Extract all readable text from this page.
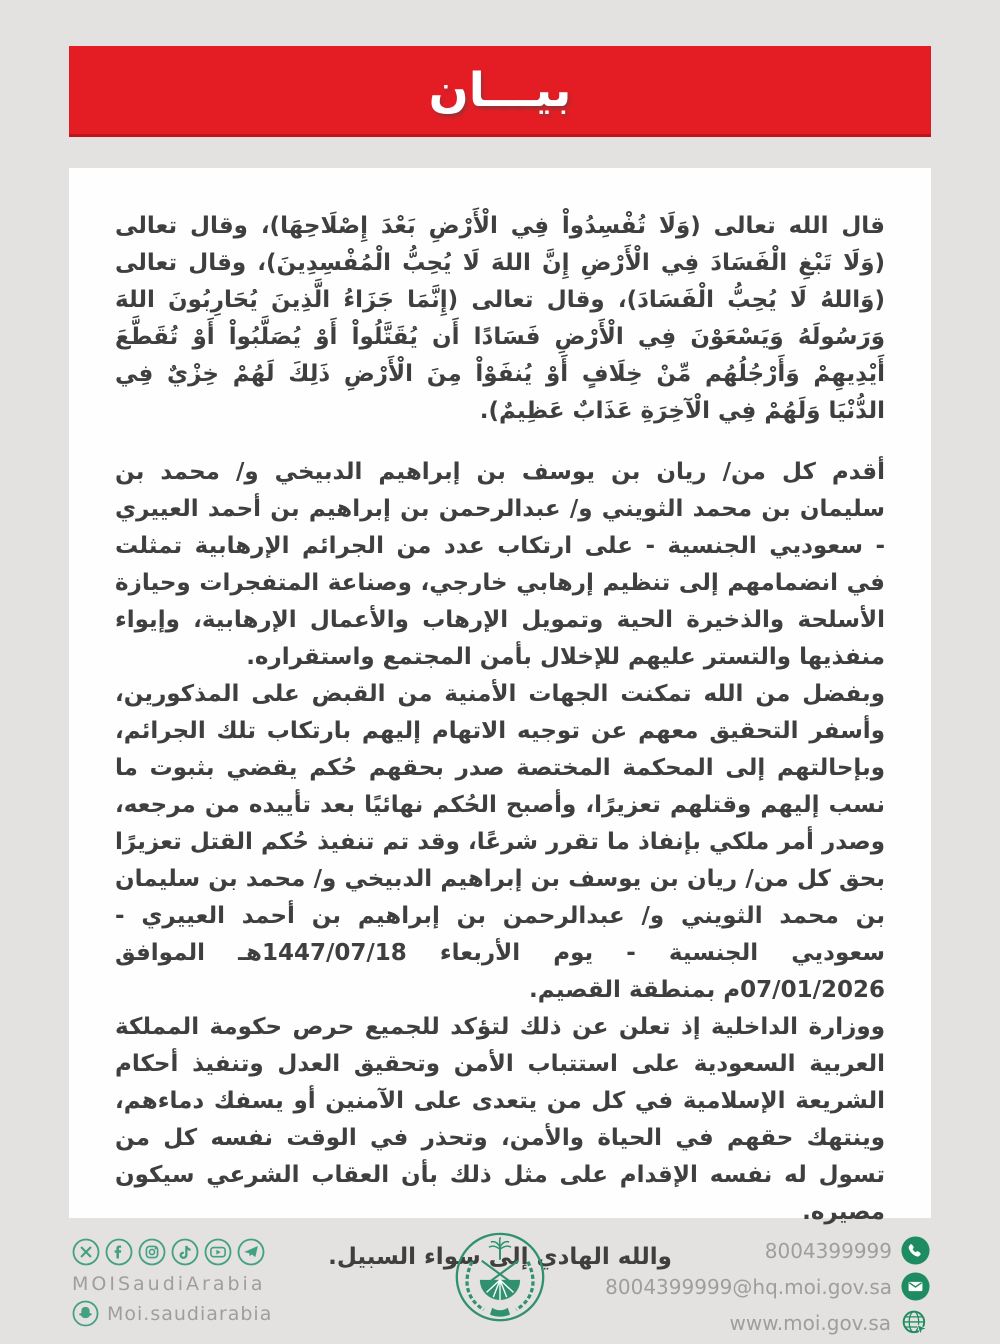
بيـــان

قال الله تعالى (وَلَا تُفْسِدُواْ فِي الْأَرْضِ بَعْدَ إِصْلَاحِهَا)، وقال تعالى (وَلَا تَبْغِ الْفَسَادَ فِي الْأَرْضِ إِنَّ اللهَ لَا يُحِبُّ الْمُفْسِدِينَ)، وقال تعالى (وَاللهُ لَا يُحِبُّ الْفَسَادَ)، وقال تعالى (إِنَّمَا جَزَاءُ الَّذِينَ يُحَارِبُونَ اللهَ وَرَسُولَهُ وَيَسْعَوْنَ فِي الْأَرْضِ فَسَادًا أَن يُقَتَّلُواْ أَوْ يُصَلَّبُواْ أَوْ تُقَطَّعَ أَيْدِيهِمْ وَأَرْجُلُهُم مِّنْ خِلَافٍ أَوْ يُنفَوْاْ مِنَ الْأَرْضِ ذَلِكَ لَهُمْ خِزْيٌ فِي الدُّنْيَا وَلَهُمْ فِي الْآخِرَةِ عَذَابٌ عَظِيمٌ).

أقدم كل من/ ريان بن يوسف بن إبراهيم الدبيخي و/ محمد بن سليمان بن محمد الثويني و/ عبدالرحمن بن إبراهيم بن أحمد العييري - سعوديي الجنسية - على ارتكاب عدد من الجرائم الإرهابية تمثلت في انضمامهم إلى تنظيم إرهابي خارجي، وصناعة المتفجرات وحيازة الأسلحة والذخيرة الحية وتمويل الإرهاب والأعمال الإرهابية، وإيواء منفذيها والتستر عليهم للإخلال بأمن المجتمع واستقراره.

وبفضل من الله تمكنت الجهات الأمنية من القبض على المذكورين، وأسفر التحقيق معهم عن توجيه الاتهام إليهم بارتكاب تلك الجرائم، وبإحالتهم إلى المحكمة المختصة صدر بحقهم حُكم يقضي بثبوت ما نسب إليهم وقتلهم تعزيرًا، وأصبح الحُكم نهائيًا بعد تأييده من مرجعه، وصدر أمر ملكي بإنفاذ ما تقرر شرعًا، وقد تم تنفيذ حُكم القتل تعزيرًا بحق كل من/ ريان بن يوسف بن إبراهيم الدبيخي و/ محمد بن سليمان بن محمد الثويني و/ عبدالرحمن بن إبراهيم بن أحمد العييري - سعوديي الجنسية - يوم الأربعاء 1447/07/18هـ الموافق 07/01/2026م بمنطقة القصيم.

ووزارة الداخلية إذ تعلن عن ذلك لتؤكد للجميع حرص حكومة المملكة العربية السعودية على استتباب الأمن وتحقيق العدل وتنفيذ أحكام الشريعة الإسلامية في كل من يتعدى على الآمنين أو يسفك دماءهم، وينتهك حقهم في الحياة والأمن، وتحذر في الوقت نفسه كل من تسول له نفسه الإقدام على مثل ذلك بأن العقاب الشرعي سيكون مصيره.

والله الهادي إلى سواء السبيل.

MOISaudiArabia
Moi.saudiarabia
8004399999
8004399999@hq.moi.gov.sa
www.moi.gov.sa
